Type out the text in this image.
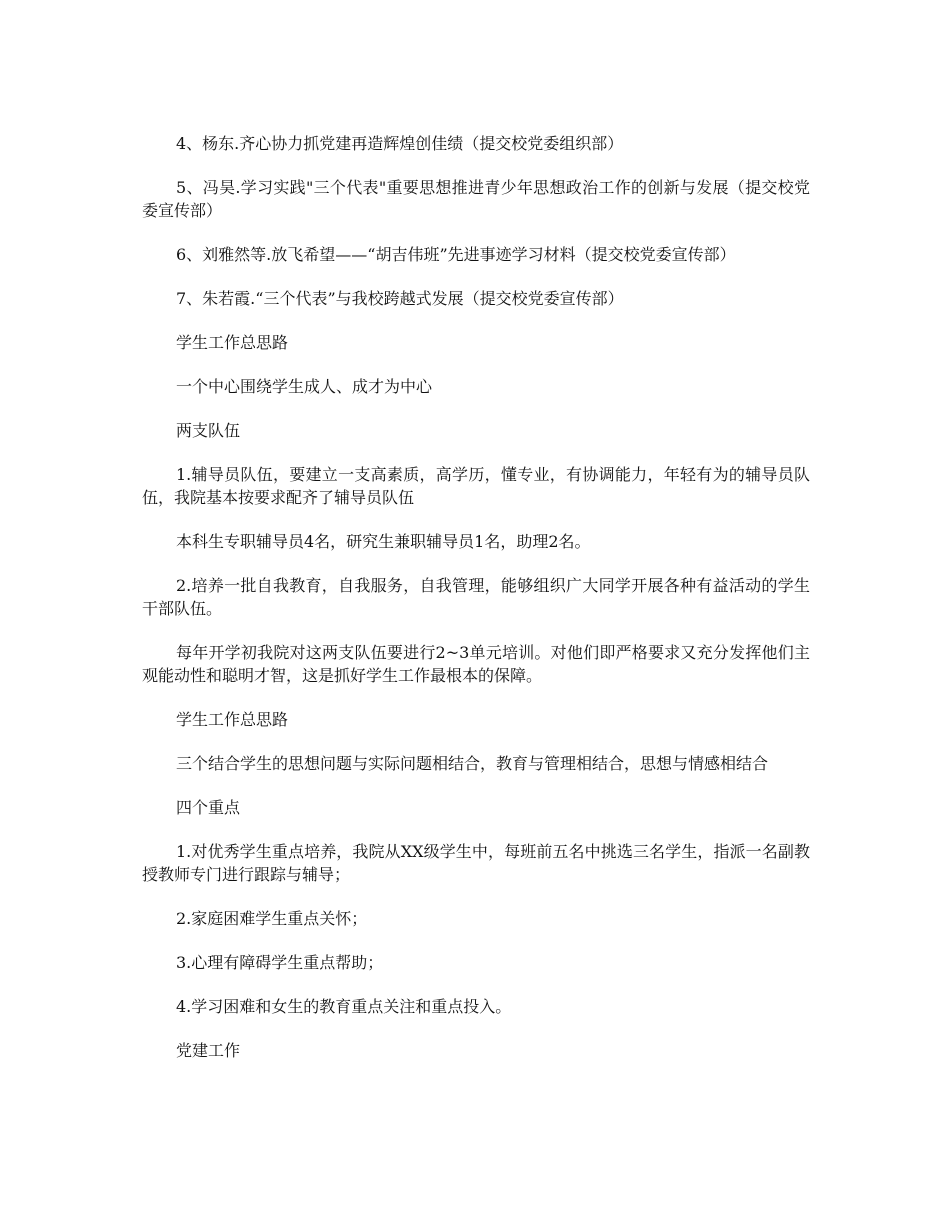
4、杨东.齐心协力抓党建再造辉煌创佳绩（提交校党委组织部）

5、冯昊.学习实践"三个代表"重要思想推进青少年思想政治工作的创新与发展（提交校党委宣传部）

6、刘雅然等.放飞希望——“胡吉伟班”先进事迹学习材料（提交校党委宣传部）

7、朱若霞.“三个代表”与我校跨越式发展（提交校党委宣传部）

学生工作总思路

一个中心围绕学生成人、成才为中心

两支队伍

1.辅导员队伍，要建立一支高素质，高学历，懂专业，有协调能力，年轻有为的辅导员队伍，我院基本按要求配齐了辅导员队伍

本科生专职辅导员4名，研究生兼职辅导员1名，助理2名。

2.培养一批自我教育，自我服务，自我管理，能够组织广大同学开展各种有益活动的学生干部队伍。

每年开学初我院对这两支队伍要进行2~3单元培训。对他们即严格要求又充分发挥他们主观能动性和聪明才智，这是抓好学生工作最根本的保障。

学生工作总思路

三个结合学生的思想问题与实际问题相结合，教育与管理相结合，思想与情感相结合

四个重点

1.对优秀学生重点培养，我院从XX级学生中，每班前五名中挑选三名学生，指派一名副教授教师专门进行跟踪与辅导；

2.家庭困难学生重点关怀；

3.心理有障碍学生重点帮助；

4.学习困难和女生的教育重点关注和重点投入。

党建工作
